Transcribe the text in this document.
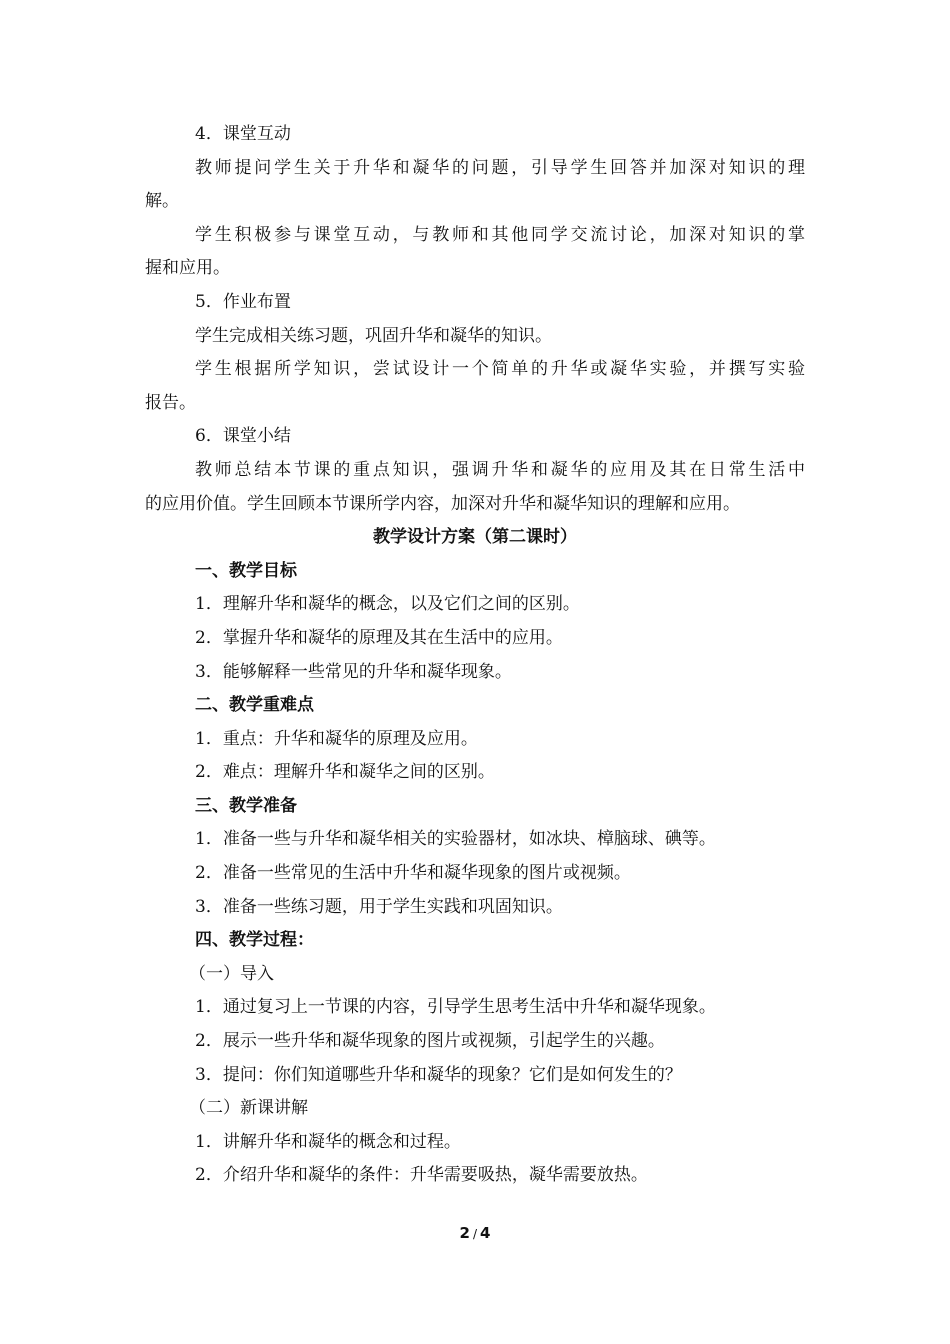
4．课堂互动
教师提问学生关于升华和凝华的问题，引导学生回答并加深对知识的理
解。
学生积极参与课堂互动，与教师和其他同学交流讨论，加深对知识的掌
握和应用。
5．作业布置
学生完成相关练习题，巩固升华和凝华的知识。
学生根据所学知识，尝试设计一个简单的升华或凝华实验，并撰写实验
报告。
6．课堂小结
教师总结本节课的重点知识，强调升华和凝华的应用及其在日常生活中
的应用价值。学生回顾本节课所学内容，加深对升华和凝华知识的理解和应用。
教学设计方案（第二课时）
一、教学目标
1．理解升华和凝华的概念，以及它们之间的区别。
2．掌握升华和凝华的原理及其在生活中的应用。
3．能够解释一些常见的升华和凝华现象。
二、教学重难点
1．重点：升华和凝华的原理及应用。
2．难点：理解升华和凝华之间的区别。
三、教学准备
1．准备一些与升华和凝华相关的实验器材，如冰块、樟脑球、碘等。
2．准备一些常见的生活中升华和凝华现象的图片或视频。
3．准备一些练习题，用于学生实践和巩固知识。
四、教学过程：
（一）导入
1．通过复习上一节课的内容，引导学生思考生活中升华和凝华现象。
2．展示一些升华和凝华现象的图片或视频，引起学生的兴趣。
3．提问：你们知道哪些升华和凝华的现象？它们是如何发生的？
（二）新课讲解
1．讲解升华和凝华的概念和过程。
2．介绍升华和凝华的条件：升华需要吸热，凝华需要放热。
2 / 4
